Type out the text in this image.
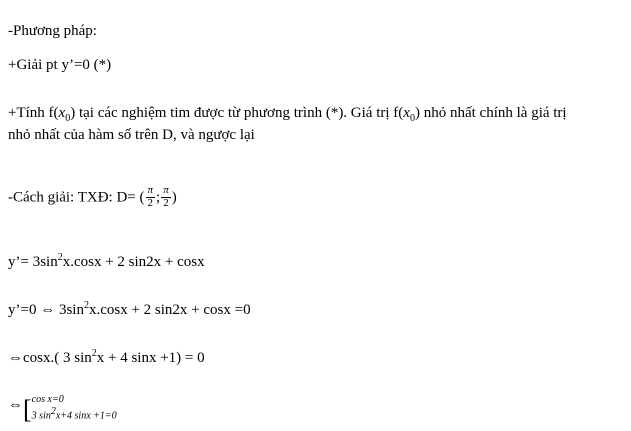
-Phương pháp:
+Giải pt y’=0 (*)
+Tính $f(x_0)$ tại các nghiệm tim được từ phương trình (*). Giá trị $f(x_0)$ nhỏ nhất chính là giá trị
nhỏ nhất của hàm số trên D, và ngược lại
-Cách giải: TXĐ: D= ( $\frac{\pi}{2}$ ; $\frac{\pi}{2}$ )
y’= $3\sin^2x.\cos x + 2$ sin2x + cosx
y’=0 ⇔ $3\sin^2x.\cos x + 2$ sin2x + cosx =0
⇔cosx.( 3 $\sin^2x + 4$ sinx +1) = 0
⇔[ cos x=0
3 sin2x+4 sinx +1=0
